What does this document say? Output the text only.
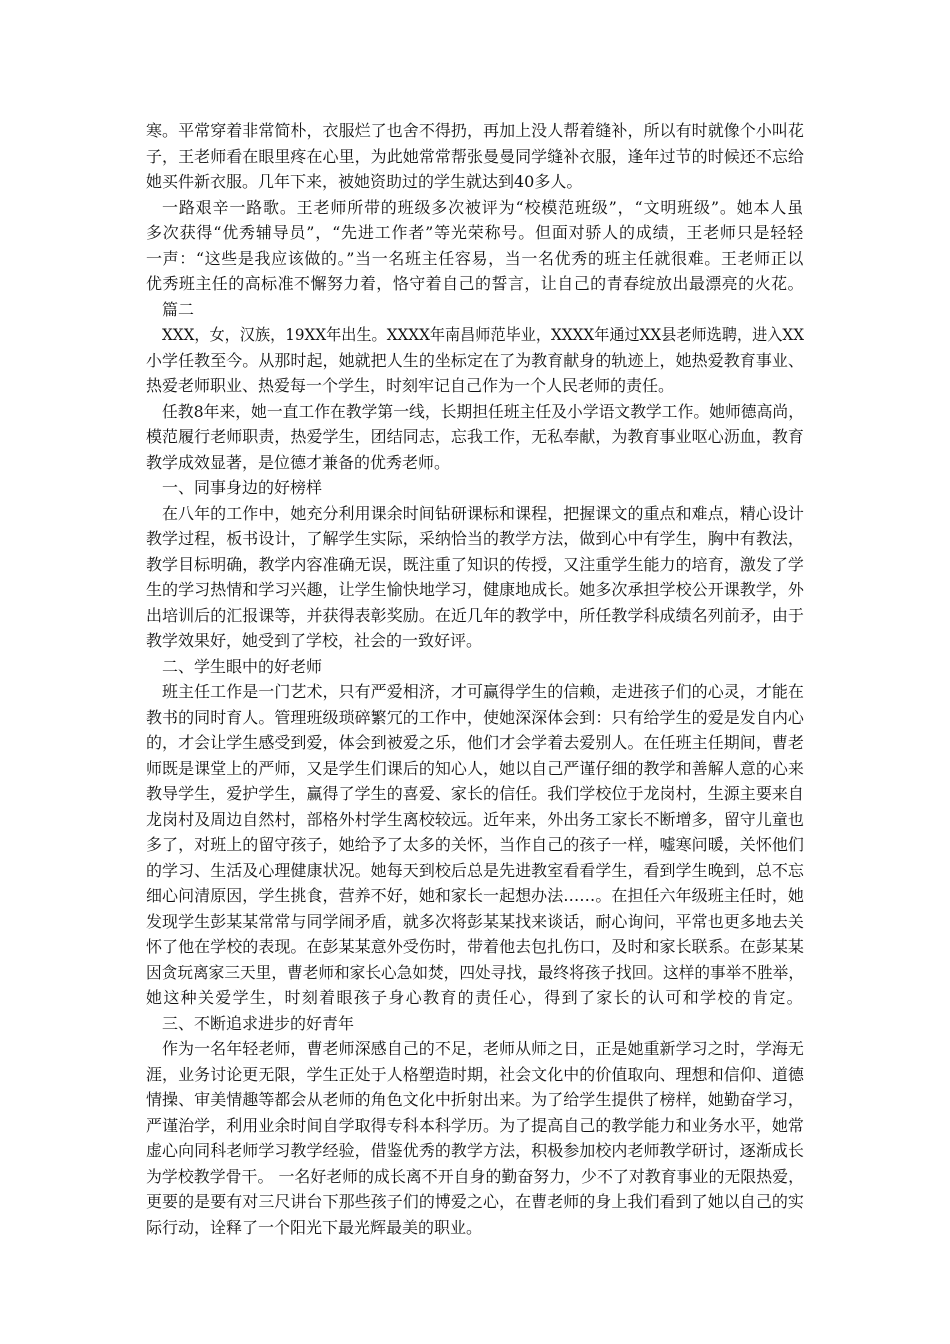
寒。平常穿着非常简朴，衣服烂了也舍不得扔，再加上没人帮着缝补，所以有时就像个小叫花
子，王老师看在眼里疼在心里，为此她常常帮张曼曼同学缝补衣服，逢年过节的时候还不忘给
她买件新衣服。几年下来，被她资助过的学生就达到40多人。
一路艰辛一路歌。王老师所带的班级多次被评为“校模范班级”，“文明班级”。她本人虽
多次获得“优秀辅导员”，“先进工作者”等光荣称号。但面对骄人的成绩，王老师只是轻轻
一声：“这些是我应该做的。”当一名班主任容易，当一名优秀的班主任就很难。王老师正以
优秀班主任的高标准不懈努力着，恪守着自己的誓言，让自己的青春绽放出最漂亮的火花。
篇二
XXX，女，汉族，19XX年出生。XXXX年南昌师范毕业，XXXX年通过XX县老师选聘，进入XX
小学任教至今。从那时起，她就把人生的坐标定在了为教育献身的轨迹上，她热爱教育事业、
热爱老师职业、热爱每一个学生，时刻牢记自己作为一个人民老师的责任。
任教8年来，她一直工作在教学第一线，长期担任班主任及小学语文教学工作。她师德高尚，
模范履行老师职责，热爱学生，团结同志，忘我工作，无私奉献，为教育事业呕心沥血，教育
教学成效显著，是位德才兼备的优秀老师。
一、同事身边的好榜样
在八年的工作中，她充分利用课余时间钻研课标和课程，把握课文的重点和难点，精心设计
教学过程，板书设计，了解学生实际，采纳恰当的教学方法，做到心中有学生，胸中有教法，
教学目标明确，教学内容准确无误，既注重了知识的传授，又注重学生能力的培育，激发了学
生的学习热情和学习兴趣，让学生愉快地学习，健康地成长。她多次承担学校公开课教学，外
出培训后的汇报课等，并获得表彰奖励。在近几年的教学中，所任教学科成绩名列前矛，由于
教学效果好，她受到了学校，社会的一致好评。
二、学生眼中的好老师
班主任工作是一门艺术，只有严爱相济，才可赢得学生的信赖，走进孩子们的心灵，才能在
教书的同时育人。管理班级琐碎繁冗的工作中，使她深深体会到：只有给学生的爱是发自内心
的，才会让学生感受到爱，体会到被爱之乐，他们才会学着去爱别人。在任班主任期间，曹老
师既是课堂上的严师，又是学生们课后的知心人，她以自己严谨仔细的教学和善解人意的心来
教导学生，爱护学生，赢得了学生的喜爱、家长的信任。我们学校位于龙岗村，生源主要来自
龙岗村及周边自然村，部格外村学生离校较远。近年来，外出务工家长不断增多，留守儿童也
多了，对班上的留守孩子，她给予了太多的关怀，当作自己的孩子一样，嘘寒问暖，关怀他们
的学习、生活及心理健康状况。她每天到校后总是先进教室看看学生，看到学生晚到，总不忘
细心问清原因，学生挑食，营养不好，她和家长一起想办法……。在担任六年级班主任时，她
发现学生彭某某常常与同学闹矛盾，就多次将彭某某找来谈话，耐心询问，平常也更多地去关
怀了他在学校的表现。在彭某某意外受伤时，带着他去包扎伤口，及时和家长联系。在彭某某
因贪玩离家三天里，曹老师和家长心急如焚，四处寻找，最终将孩子找回。这样的事举不胜举，
她这种关爱学生，时刻着眼孩子身心教育的责任心，得到了家长的认可和学校的肯定。
三、不断追求进步的好青年
作为一名年轻老师，曹老师深感自己的不足，老师从师之日，正是她重新学习之时，学海无
涯，业务讨论更无限，学生正处于人格塑造时期，社会文化中的价值取向、理想和信仰、道德
情操、审美情趣等都会从老师的角色文化中折射出来。为了给学生提供了榜样，她勤奋学习，
严谨治学，利用业余时间自学取得专科本科学历。为了提高自己的教学能力和业务水平，她常
虚心向同科老师学习教学经验，借鉴优秀的教学方法，积极参加校内老师教学研讨，逐渐成长
为学校教学骨干。 一名好老师的成长离不开自身的勤奋努力，少不了对教育事业的无限热爱，
更要的是要有对三尺讲台下那些孩子们的博爱之心，在曹老师的身上我们看到了她以自己的实
际行动，诠释了一个阳光下最光辉最美的职业。
